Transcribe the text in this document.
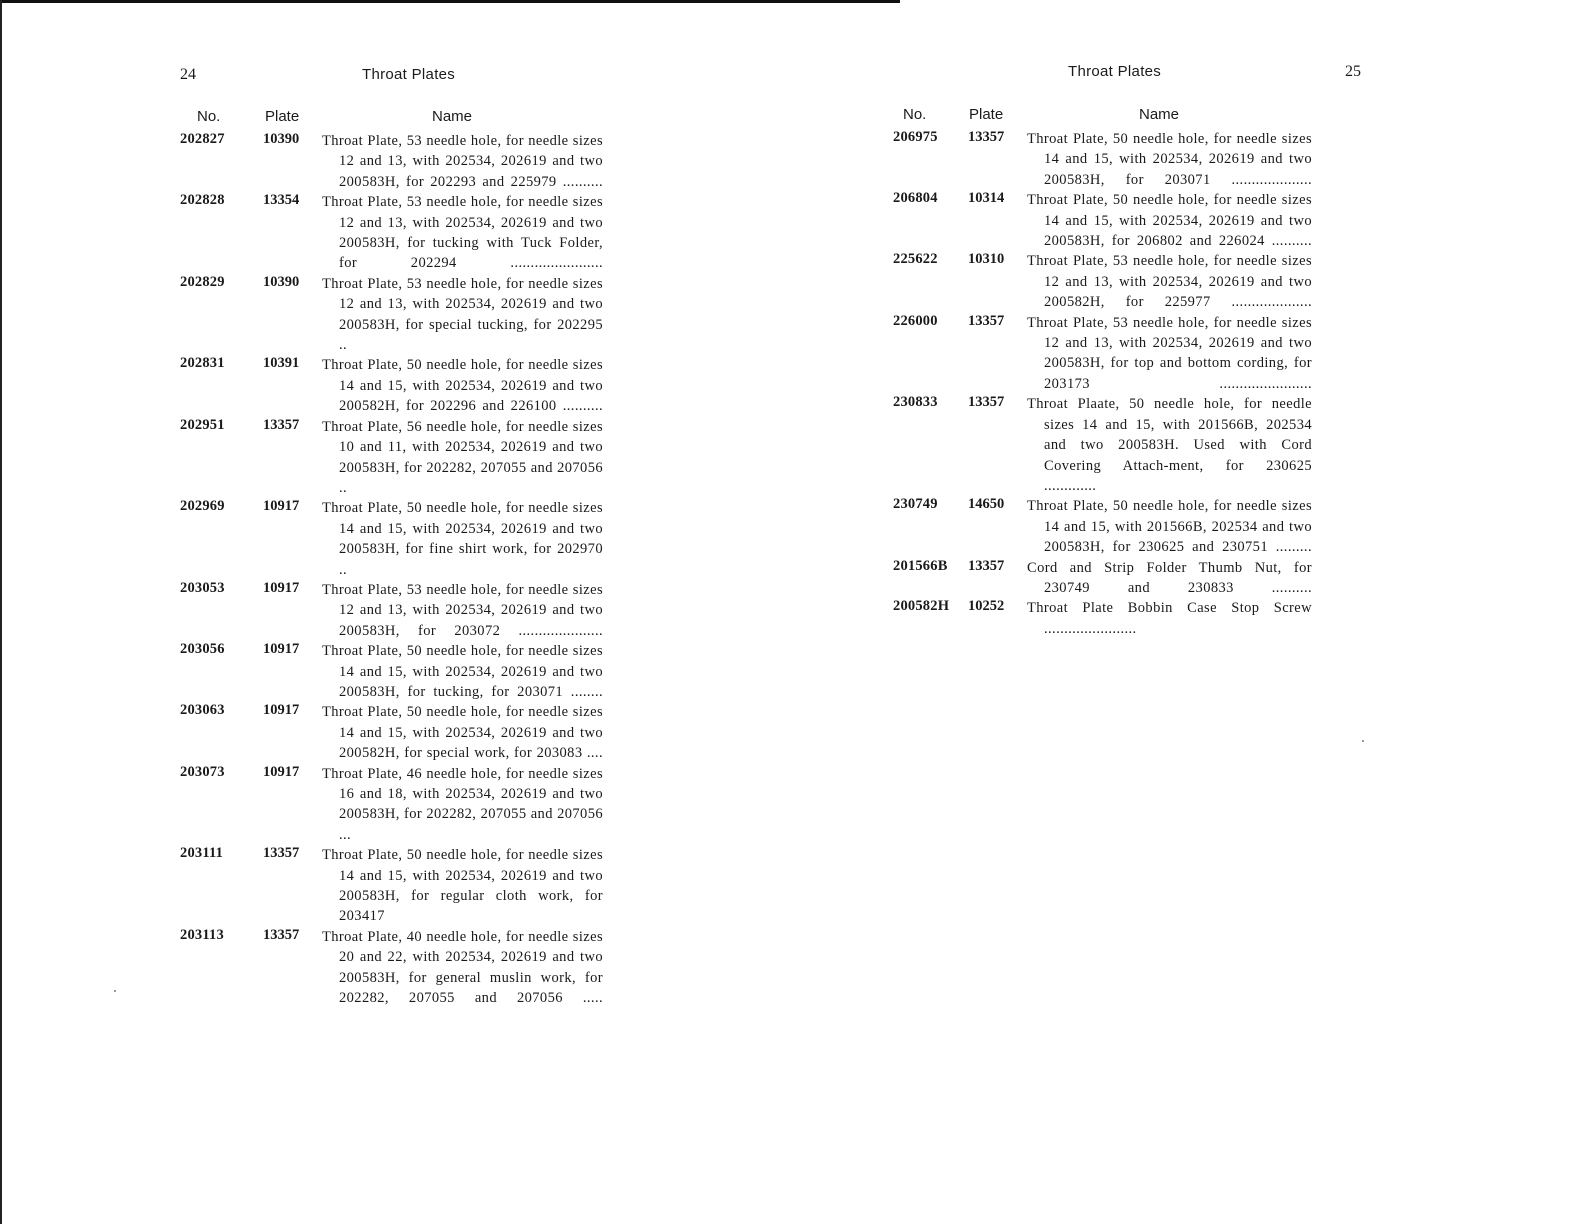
24	Throat Plates
No.	Plate	Name
202827	10390 Throat Plate, 53 needle hole, for needle sizes 12 and 13, with 202534, 202619 and two 200583H, for 202293 and 225979 ..........
202828	13354 Throat Plate, 53 needle hole, for needle sizes 12 and 13, with 202534, 202619 and two 200583H, for tucking with Tuck Folder, for 202294 .......................
202829	10390 Throat Plate, 53 needle hole, for needle sizes 12 and 13, with 202534, 202619 and two 200583H, for special tucking, for 202295 ..
202831	10391 Throat Plate, 50 needle hole, for needle sizes 14 and 15, with 202534, 202619 and two 200582H, for 202296 and 226100 ..........
202951	13357 Throat Plate, 56 needle hole, for needle sizes 10 and 11, with 202534, 202619 and two 200583H, for 202282, 207055 and 207056 ..
202969	10917 Throat Plate, 50 needle hole, for needle sizes 14 and 15, with 202534, 202619 and two 200583H, for fine shirt work, for 202970 ..
203053	10917 Throat Plate, 53 needle hole, for needle sizes 12 and 13, with 202534, 202619 and two 200583H, for 203072 .....................
203056	10917 Throat Plate, 50 needle hole, for needle sizes 14 and 15, with 202534, 202619 and two 200583H, for tucking, for 203071 ........
203063	10917 Throat Plate, 50 needle hole, for needle sizes 14 and 15, with 202534, 202619 and two 200582H, for special work, for 203083 ....
203073	10917 Throat Plate, 46 needle hole, for needle sizes 16 and 18, with 202534, 202619 and two 200583H, for 202282, 207055 and 207056 ...
203111	13357 Throat Plate, 50 needle hole, for needle sizes 14 and 15, with 202534, 202619 and two 200583H, for regular cloth work, for 203417
203113	13357 Throat Plate, 40 needle hole, for needle sizes 20 and 22, with 202534, 202619 and two 200583H, for general muslin work, for 202282, 207055 and 207056 .....
Throat Plates	25
No.	Plate	Name
206975 13357 Throat Plate, 50 needle hole, for needle sizes 14 and 15, with 202534, 202619 and two 200583H, for 203071 ....................
206804 10314 Throat Plate, 50 needle hole, for needle sizes 14 and 15, with 202534, 202619 and two 200583H, for 206802 and 226024 ..........
225622 10310 Throat Plate, 53 needle hole, for needle sizes 12 and 13, with 202534, 202619 and two 200582H, for 225977 ....................
226000 13357 Throat Plate, 53 needle hole, for needle sizes 12 and 13, with 202534, 202619 and two 200583H, for top and bottom cording, for 203173 .......................
230833 13357 Throat Plaate, 50 needle hole, for needle sizes 14 and 15, with 201566B, 202534 and two 200583H. Used with Cord Covering Attach-ment, for 230625 .............
230749 14650 Throat Plate, 50 needle hole, for needle sizes 14 and 15, with 201566B, 202534 and two 200583H, for 230625 and 230751 .........
201566B 13357 Cord and Strip Folder Thumb Nut, for 230749 and 230833 ..........
200582H 10252 Throat Plate Bobbin Case Stop Screw .......................
